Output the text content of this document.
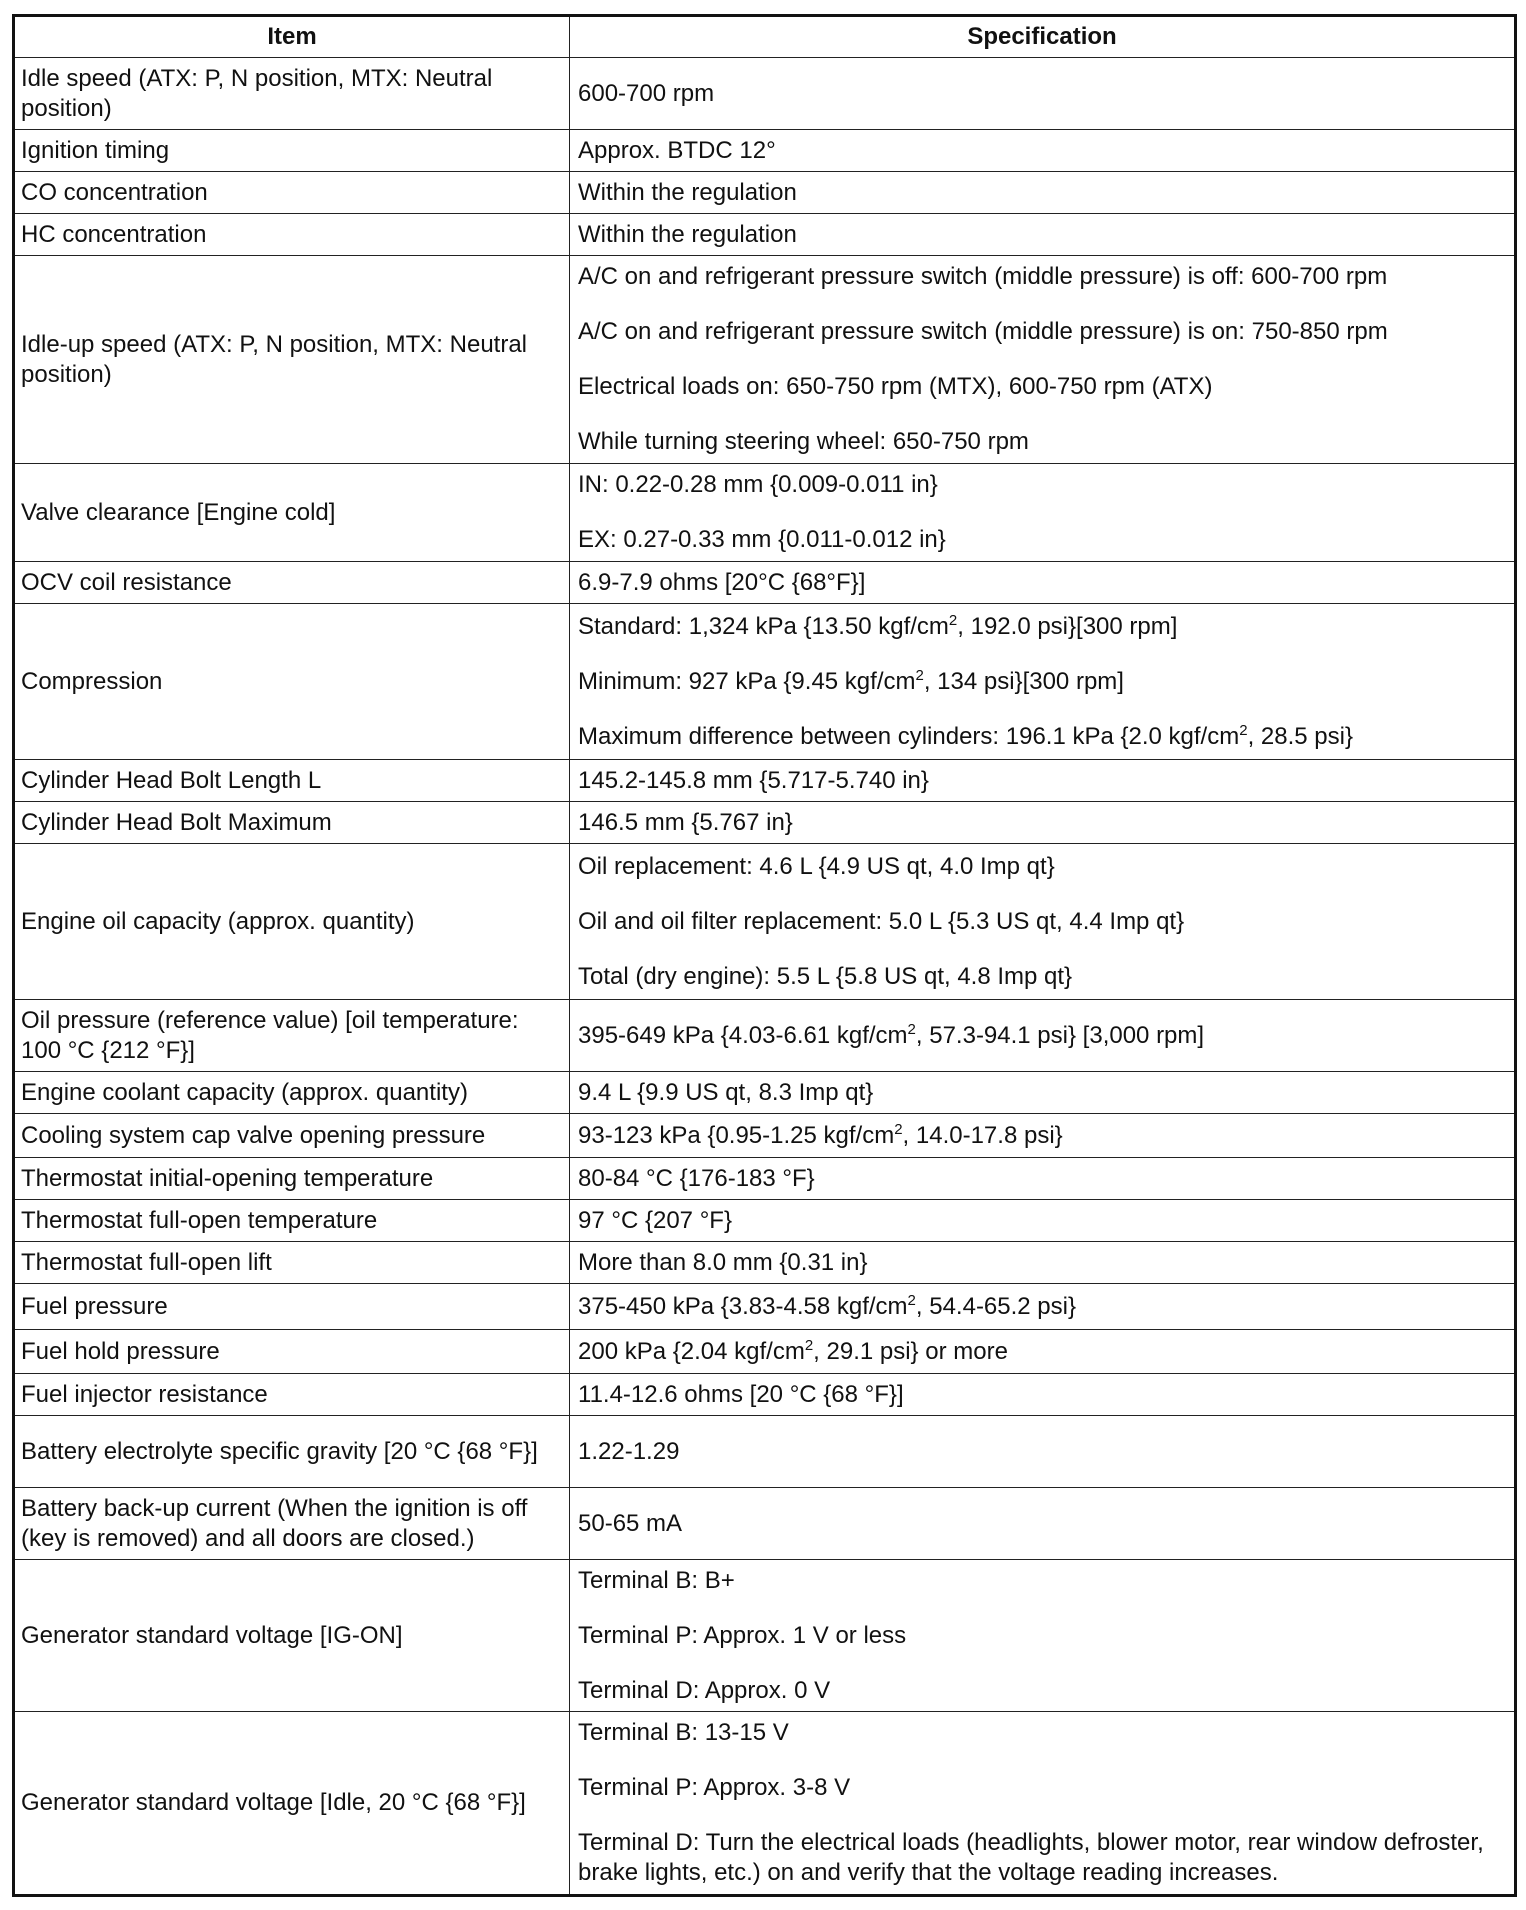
Item	Specification
Idle speed (ATX: P, N position, MTX: Neutral position)	600-700 rpm

Ignition timing	Approx. BTDC 12°

CO concentration	Within the regulation

HC concentration	Within the regulation

Idle-up speed (ATX: P, N position, MTX: Neutral position)	A/C on and refrigerant pressure switch (middle pressure) is off: 600-700 rpm
A/C on and refrigerant pressure switch (middle pressure) is on: 750-850 rpm
Electrical loads on: 650-750 rpm (MTX), 600-750 rpm (ATX)
While turning steering wheel: 650-750 rpm

Valve clearance [Engine cold]	IN: 0.22-0.28 mm {0.009-0.011 in}
EX: 0.27-0.33 mm {0.011-0.012 in}

OCV coil resistance	6.9-7.9 ohms [20°C {68°F}]

Compression	Standard: 1,324 kPa {13.50 kgf/$cm^2$, 192.0 psi}[300 rpm]
Minimum: 927 kPa {9.45 kgf/$cm^2$, 134 psi}[300 rpm]
Maximum difference between cylinders: 196.1 kPa {2.0 kgf/$cm^2$, 28.5 psi}

Cylinder Head Bolt Length L	145.2-145.8 mm {5.717-5.740 in}

Cylinder Head Bolt Maximum	146.5 mm {5.767 in}

Engine oil capacity (approx. quantity)	Oil replacement: 4.6 L {4.9 US qt, 4.0 Imp qt}
Oil and oil filter replacement: 5.0 L {5.3 US qt, 4.4 Imp qt}
Total (dry engine): 5.5 L {5.8 US qt, 4.8 Imp qt}

Oil pressure (reference value) [oil temperature: 100 °C {212 °F}]	395-649 kPa {4.03-6.61 kgf/$cm^2$, 57.3-94.1 psi} [3,000 rpm]

Engine coolant capacity (approx. quantity)	9.4 L {9.9 US qt, 8.3 Imp qt}

Cooling system cap valve opening pressure	93-123 kPa {0.95-1.25 kgf/$cm^2$, 14.0-17.8 psi}

Thermostat initial-opening temperature	80-84 °C {176-183 °F}

Thermostat full-open temperature	97 °C {207 °F}

Thermostat full-open lift	More than 8.0 mm {0.31 in}

Fuel pressure	375-450 kPa {3.83-4.58 kgf/$cm^2$, 54.4-65.2 psi}

Fuel hold pressure	200 kPa {2.04 kgf/$cm^2$, 29.1 psi} or more

Fuel injector resistance	11.4-12.6 ohms [20 °C {68 °F}]

Battery electrolyte specific gravity [20 °C {68 °F}]	1.22-1.29

Battery back-up current (When the ignition is off (key is removed) and all doors are closed.)	50-65 mA

Generator standard voltage [IG-ON]	Terminal B: B+
Terminal P: Approx. 1 V or less
Terminal D: Approx. 0 V

Generator standard voltage [Idle, 20 °C {68 °F}]	Terminal B: 13-15 V
Terminal P: Approx. 3-8 V
Terminal D: Turn the electrical loads (headlights, blower motor, rear window defroster, brake lights, etc.) on and verify that the voltage reading increases.
